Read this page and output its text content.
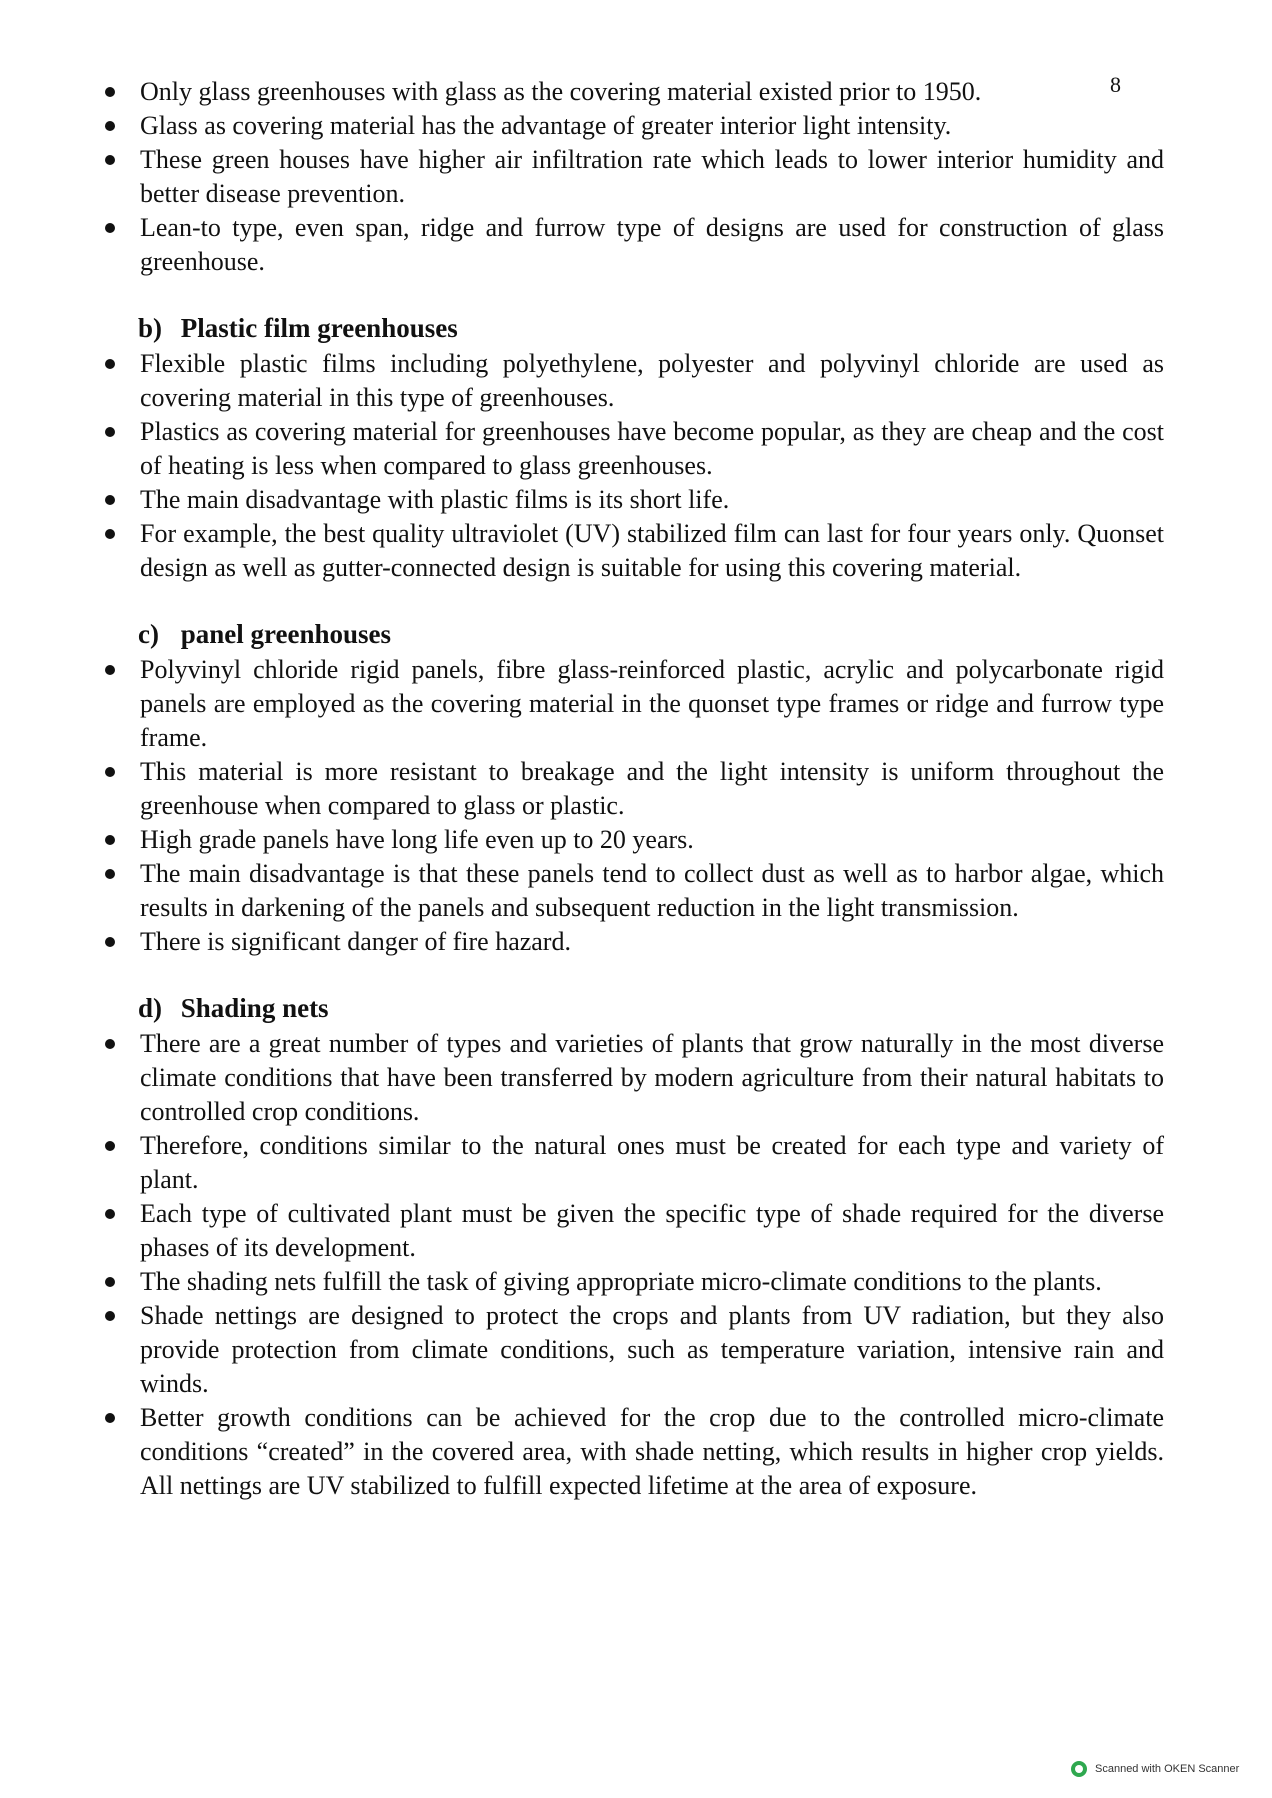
8
Only glass greenhouses with glass as the covering material existed prior to 1950.
Glass as covering material has the advantage of greater interior light intensity.
These green houses have higher air infiltration rate which leads to lower interior humidity and better disease prevention.
Lean-to type, even span, ridge and furrow type of designs are used for construction of glass greenhouse.
b) Plastic film greenhouses
Flexible plastic films including polyethylene, polyester and polyvinyl chloride are used as covering material in this type of greenhouses.
Plastics as covering material for greenhouses have become popular, as they are cheap and the cost of heating is less when compared to glass greenhouses.
The main disadvantage with plastic films is its short life.
For example, the best quality ultraviolet (UV) stabilized film can last for four years only. Quonset design as well as gutter-connected design is suitable for using this covering material.
c) panel greenhouses
Polyvinyl chloride rigid panels, fibre glass-reinforced plastic, acrylic and polycarbonate rigid panels are employed as the covering material in the quonset type frames or ridge and furrow type frame.
This material is more resistant to breakage and the light intensity is uniform throughout the greenhouse when compared to glass or plastic.
High grade panels have long life even up to 20 years.
The main disadvantage is that these panels tend to collect dust as well as to harbor algae, which results in darkening of the panels and subsequent reduction in the light transmission.
There is significant danger of fire hazard.
d) Shading nets
There are a great number of types and varieties of plants that grow naturally in the most diverse climate conditions that have been transferred by modern agriculture from their natural habitats to controlled crop conditions.
Therefore, conditions similar to the natural ones must be created for each type and variety of plant.
Each type of cultivated plant must be given the specific type of shade required for the diverse phases of its development.
The shading nets fulfill the task of giving appropriate micro-climate conditions to the plants.
Shade nettings are designed to protect the crops and plants from UV radiation, but they also provide protection from climate conditions, such as temperature variation, intensive rain and winds.
Better growth conditions can be achieved for the crop due to the controlled micro-climate conditions “created” in the covered area, with shade netting, which results in higher crop yields. All nettings are UV stabilized to fulfill expected lifetime at the area of exposure.
Scanned with OKEN Scanner
